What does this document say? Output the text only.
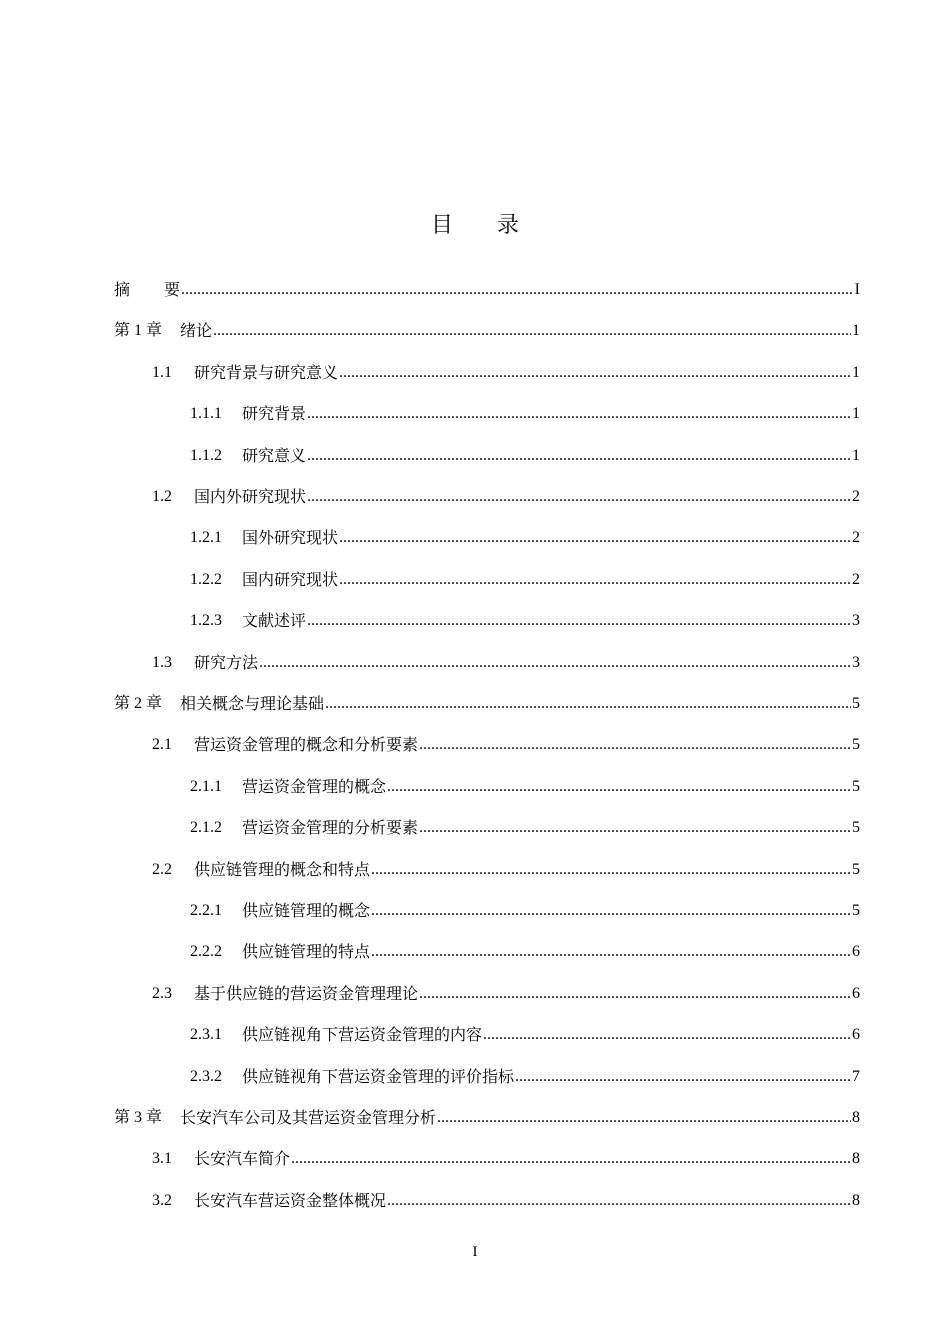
目 录
摘 要 .....	I
第 1 章 绪论 .....	1
1.1 研究背景与研究意义 .....	1
1.1.1 研究背景 .....	1
1.1.2 研究意义 .....	1
1.2 国内外研究现状 .....	2
1.2.1 国外研究现状 .....	2
1.2.2 国内研究现状 .....	2
1.2.3 文献述评 .....	3
1.3 研究方法 .....	3
第 2 章 相关概念与理论基础 .....	5
2.1 营运资金管理的概念和分析要素 .....	5
2.1.1 营运资金管理的概念 .....	5
2.1.2 营运资金管理的分析要素 .....	5
2.2 供应链管理的概念和特点 .....	5
2.2.1 供应链管理的概念 .....	5
2.2.2 供应链管理的特点 .....	6
2.3 基于供应链的营运资金管理理论 .....	6
2.3.1 供应链视角下营运资金管理的内容 .....	6
2.3.2 供应链视角下营运资金管理的评价指标 .....	7
第 3 章 长安汽车公司及其营运资金管理分析 .....	8
3.1 长安汽车简介 .....	8
3.2 长安汽车营运资金整体概况 .....	8
I
